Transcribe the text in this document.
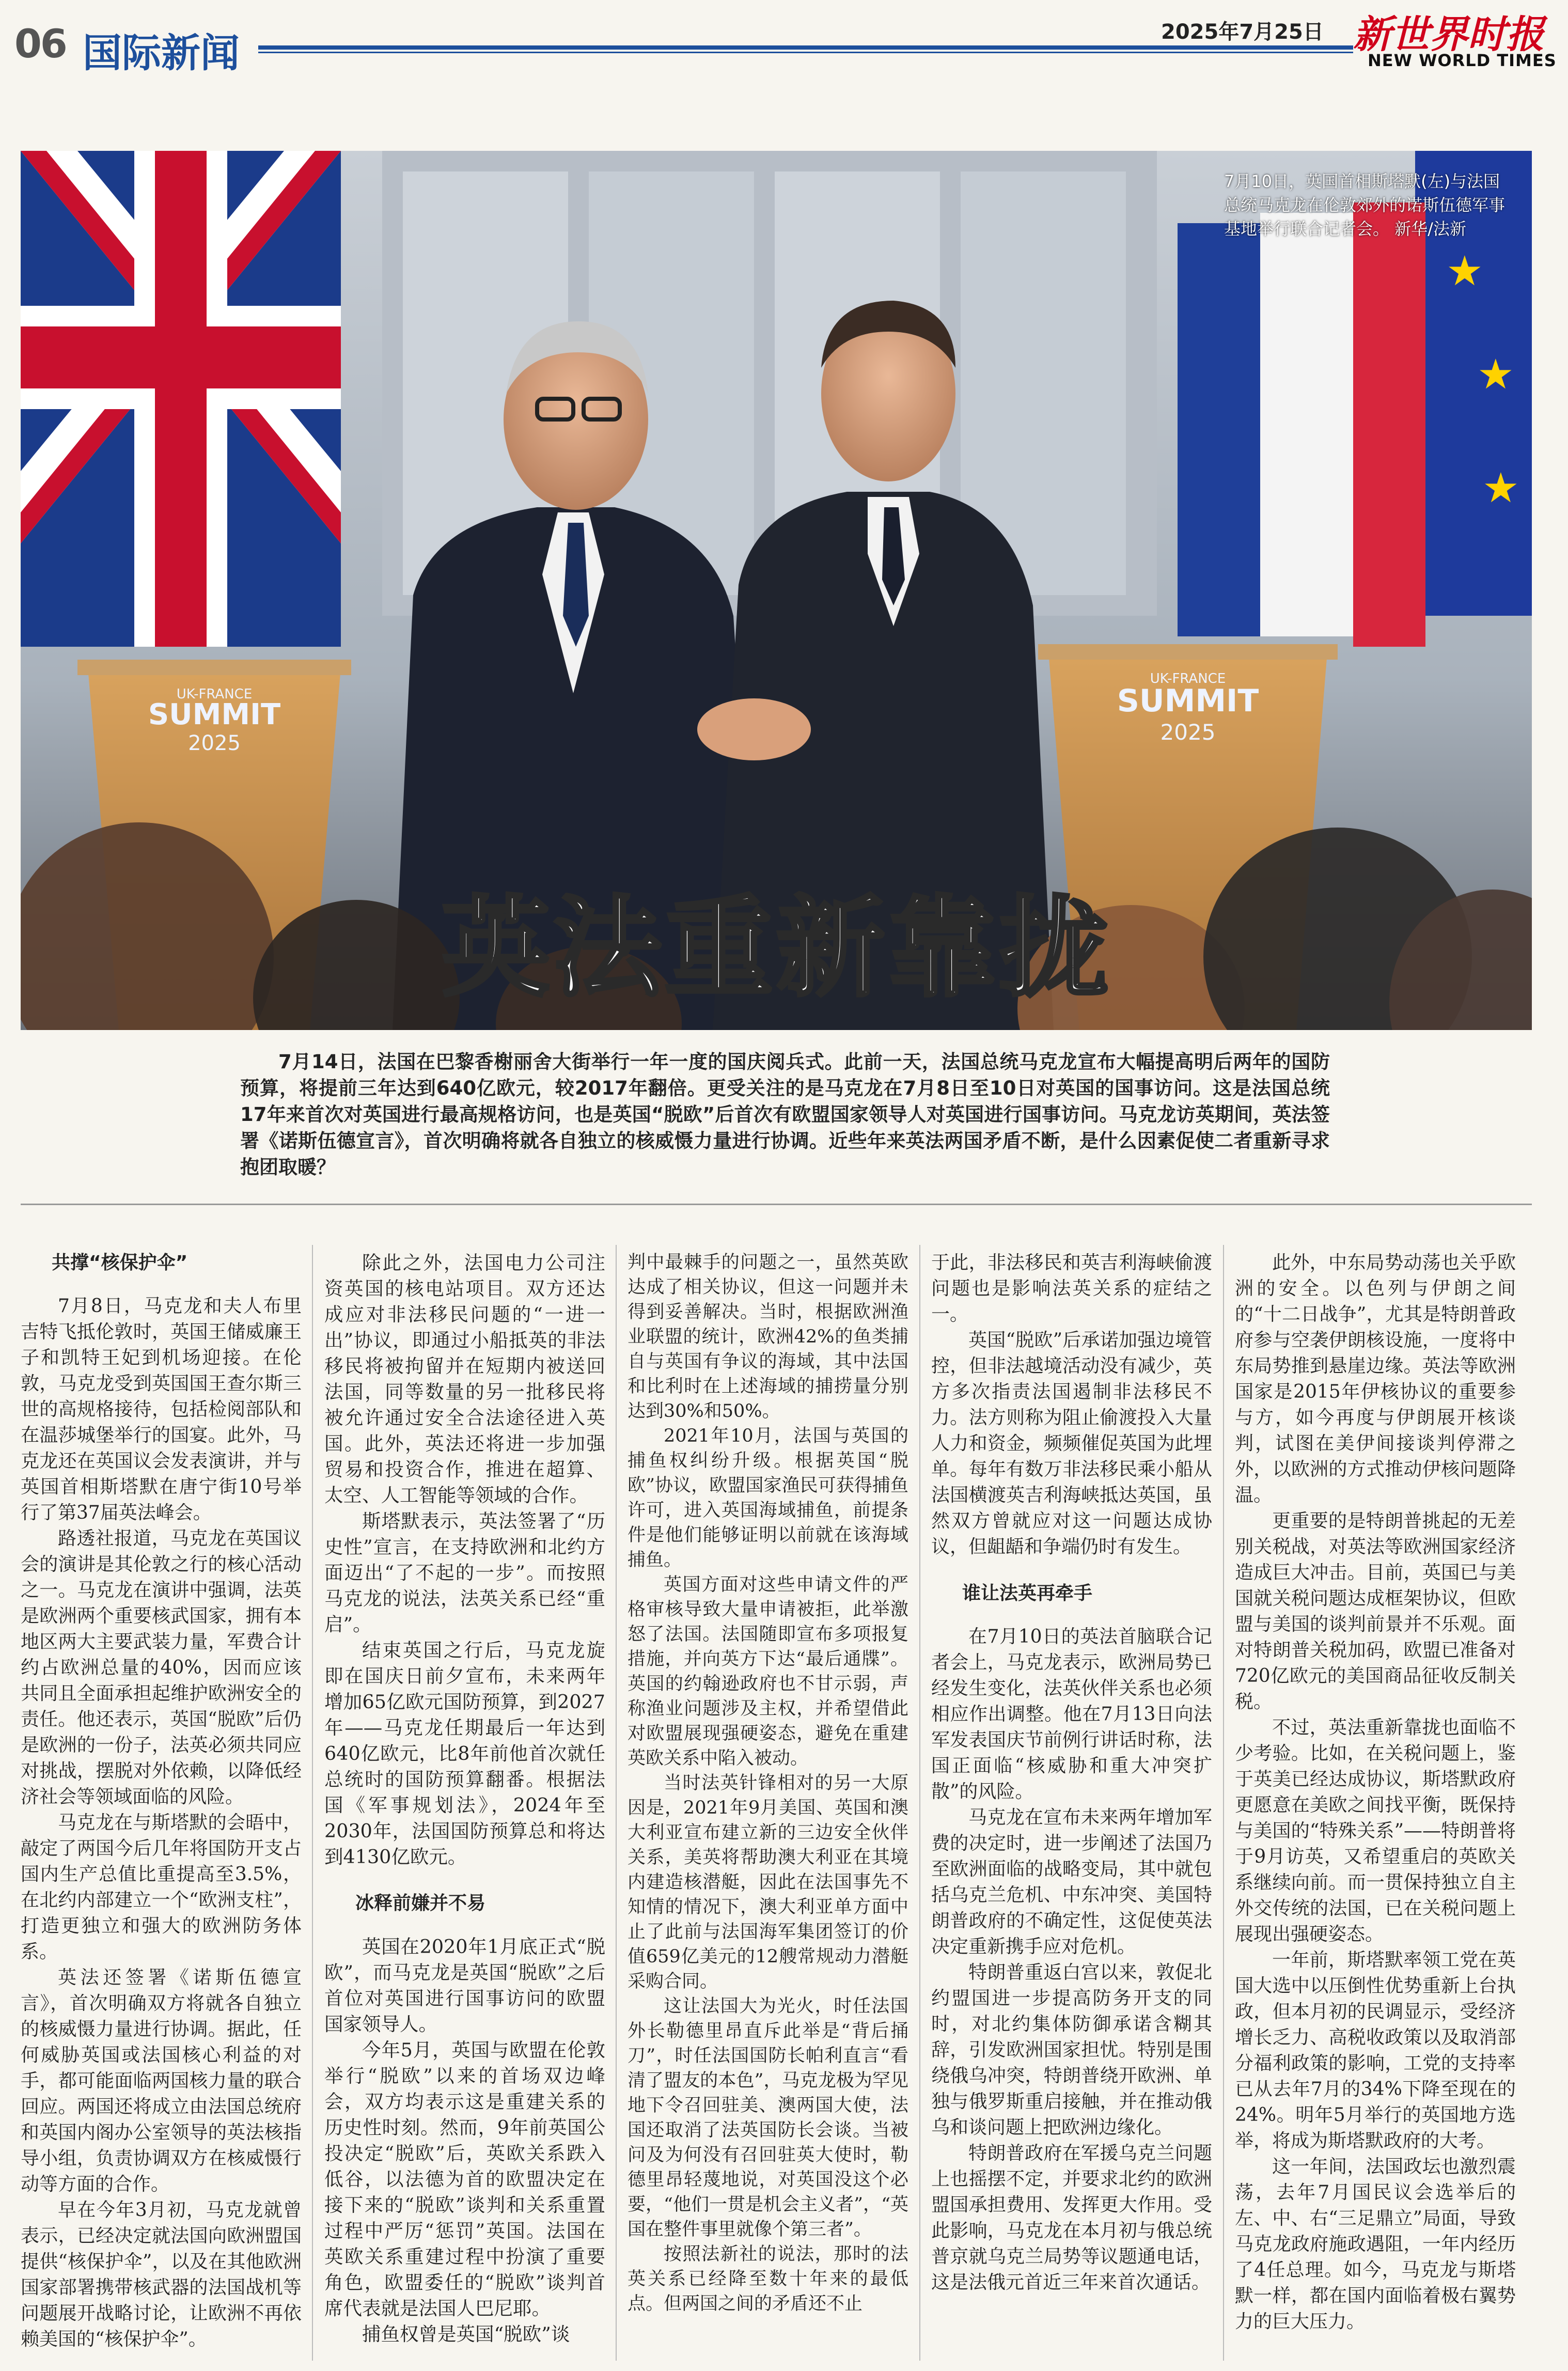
06 国际新闻	2025年7月25日 新世界时报
NEW WORLD TIMES
★
★
★
UK-FRANCE
SUMMIT
2025
UK-FRANCE
SUMMIT
2025
7月10日，英国首相斯塔默(左)与法国总统马克龙在伦敦郊外的诺斯伍德军事基地举行联合记者会。 新华/法新
英法重新靠拢
7月14日，法国在巴黎香榭丽舍大街举行一年一度的国庆阅兵式。此前一天，法国总统马克龙宣布大幅提高明后两年的国防预算，将提前三年达到640亿欧元，较2017年翻倍。更受关注的是马克龙在7月8日至10日对英国的国事访问。这是法国总统17年来首次对英国进行最高规格访问，也是英国“脱欧”后首次有欧盟国家领导人对英国进行国事访问。马克龙访英期间，英法签署《诺斯伍德宣言》，首次明确将就各自独立的核威慑力量进行协调。近些年来英法两国矛盾不断，是什么因素促使二者重新寻求抱团取暖？
共撑“核保护伞”

7月8日，马克龙和夫人布里吉特飞抵伦敦时，英国王储威廉王子和凯特王妃到机场迎接。在伦敦，马克龙受到英国国王查尔斯三世的高规格接待，包括检阅部队和在温莎城堡举行的国宴。此外，马克龙还在英国议会发表演讲，并与英国首相斯塔默在唐宁街10号举行了第37届英法峰会。

路透社报道，马克龙在英国议会的演讲是其伦敦之行的核心活动之一。马克龙在演讲中强调，法英是欧洲两个重要核武国家，拥有本地区两大主要武装力量，军费合计约占欧洲总量的40%，因而应该共同且全面承担起维护欧洲安全的责任。他还表示，英国“脱欧”后仍是欧洲的一份子，法英必须共同应对挑战，摆脱对外依赖，以降低经济社会等领域面临的风险。

马克龙在与斯塔默的会晤中，敲定了两国今后几年将国防开支占国内生产总值比重提高至3.5%，在北约内部建立一个“欧洲支柱”，打造更独立和强大的欧洲防务体系。

英法还签署《诺斯伍德宣言》，首次明确双方将就各自独立的核威慑力量进行协调。据此，任何威胁英国或法国核心利益的对手，都可能面临两国核力量的联合回应。两国还将成立由法国总统府和英国内阁办公室领导的英法核指导小组，负责协调双方在核威慑行动等方面的合作。

早在今年3月初，马克龙就曾表示，已经决定就法国向欧洲盟国提供“核保护伞”，以及在其他欧洲国家部署携带核武器的法国战机等问题展开战略讨论，让欧洲不再依赖美国的“核保护伞”。

除此之外，法国电力公司注资英国的核电站项目。双方还达成应对非法移民问题的“一进一出”协议，即通过小船抵英的非法移民将被拘留并在短期内被送回法国，同等数量的另一批移民将被允许通过安全合法途径进入英国。此外，英法还将进一步加强贸易和投资合作，推进在超算、太空、人工智能等领域的合作。

斯塔默表示，英法签署了“历史性”宣言，在支持欧洲和北约方面迈出“了不起的一步”。而按照马克龙的说法，法英关系已经“重启”。

结束英国之行后，马克龙旋即在国庆日前夕宣布，未来两年增加65亿欧元国防预算，到2027年——马克龙任期最后一年达到640亿欧元，比8年前他首次就任总统时的国防预算翻番。根据法国《军事规划法》，2024年至2030年，法国国防预算总和将达到4130亿欧元。

冰释前嫌并不易

英国在2020年1月底正式“脱欧”，而马克龙是英国“脱欧”之后首位对英国进行国事访问的欧盟国家领导人。

今年5月，英国与欧盟在伦敦举行“脱欧”以来的首场双边峰会，双方均表示这是重建关系的历史性时刻。然而，9年前英国公投决定“脱欧”后，英欧关系跌入低谷，以法德为首的欧盟决定在接下来的“脱欧”谈判和关系重置过程中严厉“惩罚”英国。法国在英欧关系重建过程中扮演了重要角色，欧盟委任的“脱欧”谈判首席代表就是法国人巴尼耶。

捕鱼权曾是英国“脱欧”谈

判中最棘手的问题之一，虽然英欧达成了相关协议，但这一问题并未得到妥善解决。当时，根据欧洲渔业联盟的统计，欧洲42%的鱼类捕自与英国有争议的海域，其中法国和比利时在上述海域的捕捞量分别达到30%和50%。

2021年10月，法国与英国的捕鱼权纠纷升级。根据英国“脱欧”协议，欧盟国家渔民可获得捕鱼许可，进入英国海域捕鱼，前提条件是他们能够证明以前就在该海域捕鱼。

英国方面对这些申请文件的严格审核导致大量申请被拒，此举激怒了法国。法国随即宣布多项报复措施，并向英方下达“最后通牒”。英国的约翰逊政府也不甘示弱，声称渔业问题涉及主权，并希望借此对欧盟展现强硬姿态，避免在重建英欧关系中陷入被动。

当时法英针锋相对的另一大原因是，2021年9月美国、英国和澳大利亚宣布建立新的三边安全伙伴关系，美英将帮助澳大利亚在其境内建造核潜艇，因此在法国事先不知情的情况下，澳大利亚单方面中止了此前与法国海军集团签订的价值659亿美元的12艘常规动力潜艇采购合同。

这让法国大为光火，时任法国外长勒德里昂直斥此举是“背后捅刀”，时任法国国防长帕利直言“看清了盟友的本色”，马克龙极为罕见地下令召回驻美、澳两国大使，法国还取消了法英国防长会谈。当被问及为何没有召回驻英大使时，勒德里昂轻蔑地说，对英国没这个必要，“他们一贯是机会主义者”，“英国在整件事里就像个第三者”。

按照法新社的说法，那时的法英关系已经降至数十年来的最低点。但两国之间的矛盾还不止

于此，非法移民和英吉利海峡偷渡问题也是影响法英关系的症结之一。

英国“脱欧”后承诺加强边境管控，但非法越境活动没有减少，英方多次指责法国遏制非法移民不力。法方则称为阻止偷渡投入大量人力和资金，频频催促英国为此埋单。每年有数万非法移民乘小船从法国横渡英吉利海峡抵达英国，虽然双方曾就应对这一问题达成协议，但龃龉和争端仍时有发生。

谁让法英再牵手

在7月10日的英法首脑联合记者会上，马克龙表示，欧洲局势已经发生变化，法英伙伴关系也必须相应作出调整。他在7月13日向法军发表国庆节前例行讲话时称，法国正面临“核威胁和重大冲突扩散”的风险。

马克龙在宣布未来两年增加军费的决定时，进一步阐述了法国乃至欧洲面临的战略变局，其中就包括乌克兰危机、中东冲突、美国特朗普政府的不确定性，这促使英法决定重新携手应对危机。

特朗普重返白宫以来，敦促北约盟国进一步提高防务开支的同时，对北约集体防御承诺含糊其辞，引发欧洲国家担忧。特别是围绕俄乌冲突，特朗普绕开欧洲、单独与俄罗斯重启接触，并在推动俄乌和谈问题上把欧洲边缘化。

特朗普政府在军援乌克兰问题上也摇摆不定，并要求北约的欧洲盟国承担费用、发挥更大作用。受此影响，马克龙在本月初与俄总统普京就乌克兰局势等议题通电话，这是法俄元首近三年来首次通话。

此外，中东局势动荡也关乎欧洲的安全。以色列与伊朗之间的“十二日战争”，尤其是特朗普政府参与空袭伊朗核设施，一度将中东局势推到悬崖边缘。英法等欧洲国家是2015年伊核协议的重要参与方，如今再度与伊朗展开核谈判，试图在美伊间接谈判停滞之外，以欧洲的方式推动伊核问题降温。

更重要的是特朗普挑起的无差别关税战，对英法等欧洲国家经济造成巨大冲击。目前，英国已与美国就关税问题达成框架协议，但欧盟与美国的谈判前景并不乐观。面对特朗普关税加码，欧盟已准备对720亿欧元的美国商品征收反制关税。

不过，英法重新靠拢也面临不少考验。比如，在关税问题上，鉴于英美已经达成协议，斯塔默政府更愿意在美欧之间找平衡，既保持与美国的“特殊关系”——特朗普将于9月访英，又希望重启的英欧关系继续向前。而一贯保持独立自主外交传统的法国，已在关税问题上展现出强硬姿态。

一年前，斯塔默率领工党在英国大选中以压倒性优势重新上台执政，但本月初的民调显示，受经济增长乏力、高税收政策以及取消部分福利政策的影响，工党的支持率已从去年7月的34%下降至现在的24%。明年5月举行的英国地方选举，将成为斯塔默政府的大考。

这一年间，法国政坛也激烈震荡，去年7月国民议会选举后的左、中、右“三足鼎立”局面，导致马克龙政府施政遇阻，一年内经历了4任总理。如今，马克龙与斯塔默一样，都在国内面临着极右翼势力的巨大压力。
